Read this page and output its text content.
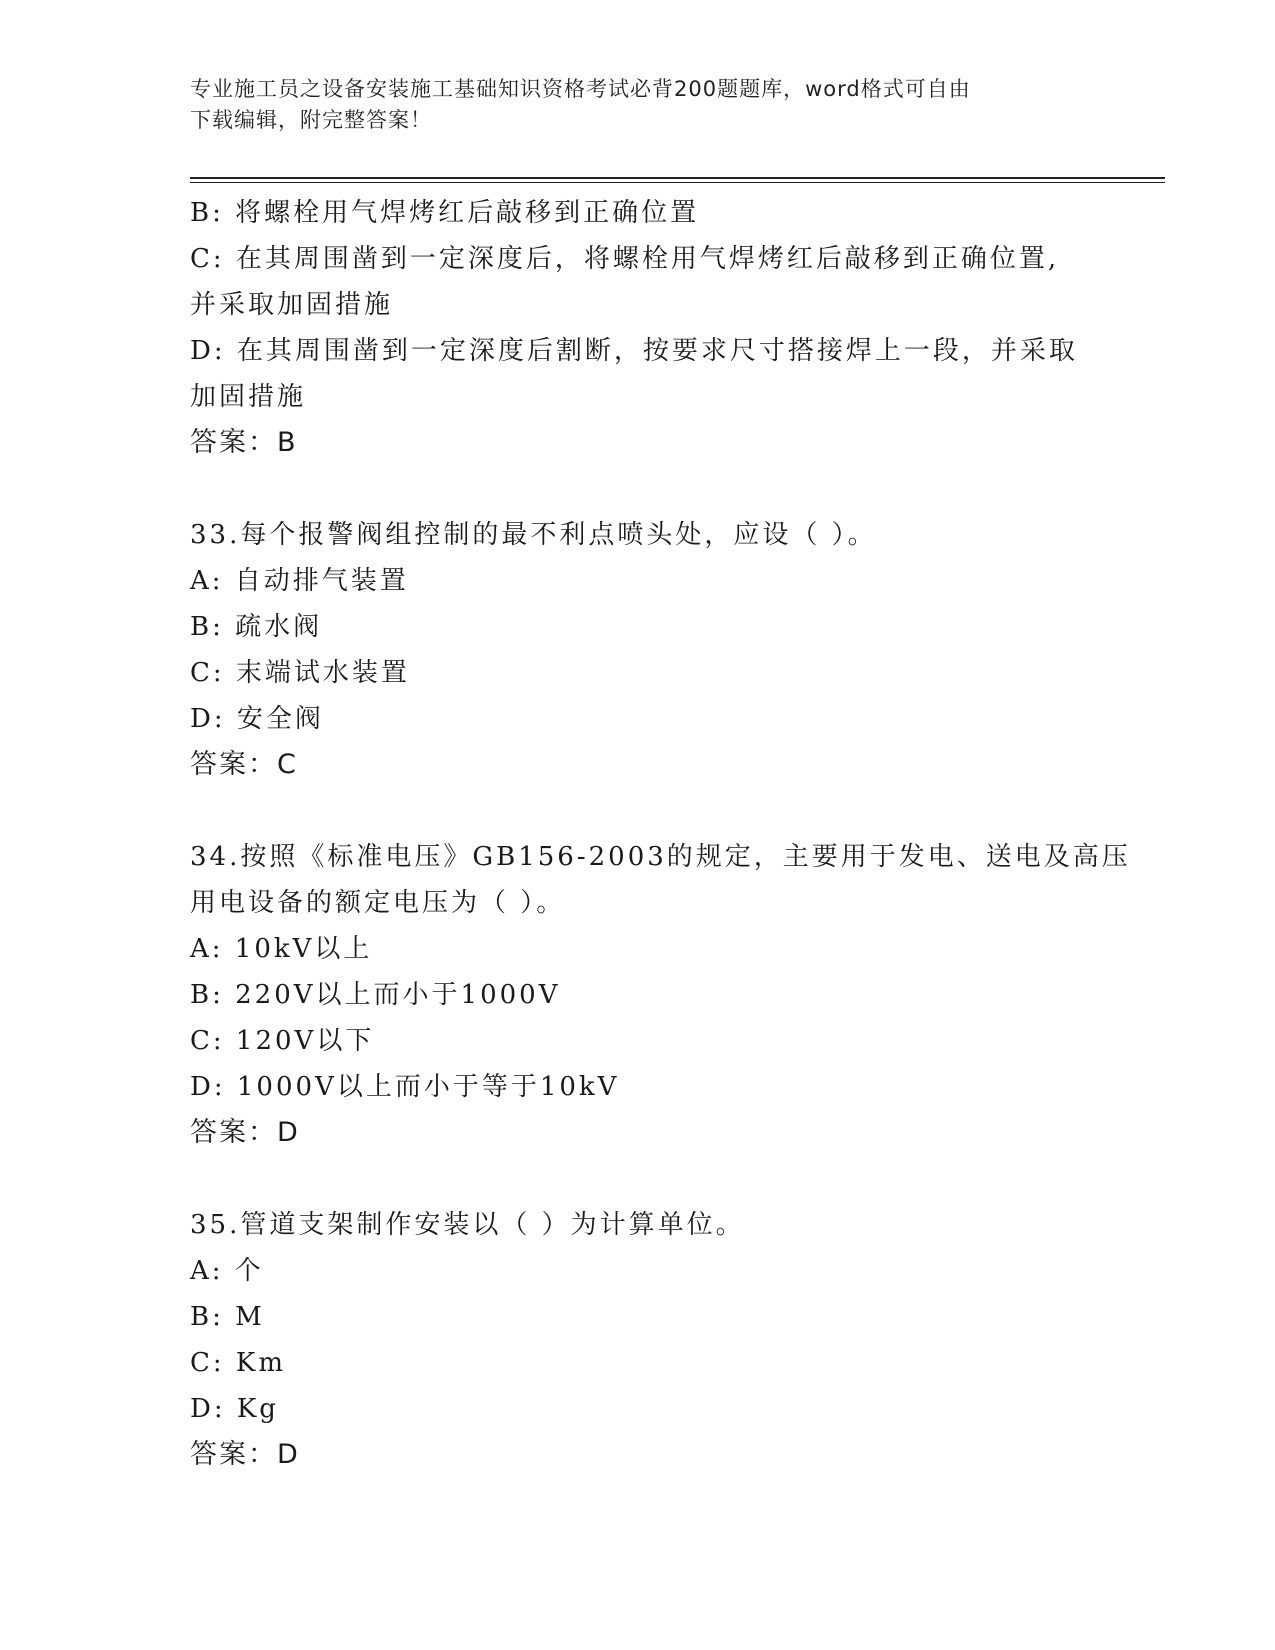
专业施工员之设备安装施工基础知识资格考试必背200题题库，word格式可自由
下载编辑，附完整答案！
B: 将螺栓用气焊烤红后敲移到正确位置
C: 在其周围凿到一定深度后，将螺栓用气焊烤红后敲移到正确位置,
并采取加固措施
D: 在其周围凿到一定深度后割断，按要求尺寸搭接焊上一段，并采取
加固措施
答案：B
33.每个报警阀组控制的最不利点喷头处，应设（ ）。
A: 自动排气装置
B: 疏水阀
C: 末端试水装置
D: 安全阀
答案：C
34.按照《标准电压》GB156-2003的规定，主要用于发电、送电及高压
用电设备的额定电压为（ ）。
A: 10kV以上
B: 220V以上而小于1000V
C: 120V以下
D: 1000V以上而小于等于10kV
答案：D
35.管道支架制作安装以（ ）为计算单位。
A: 个
B: M
C: Km
D: Kg
答案：D
